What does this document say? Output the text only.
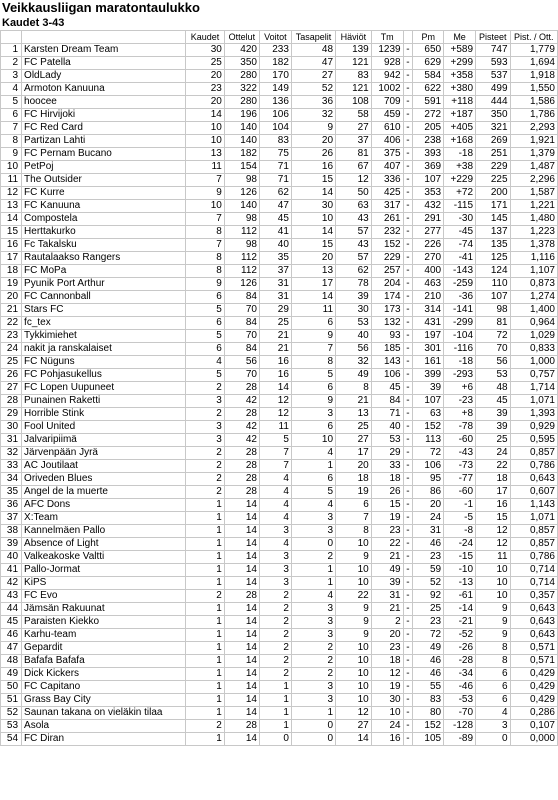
Veikkausliigan maratontaulukko
Kaudet 3-43
		Kaudet	Ottelut	Voitot	Tasapelit	Häviöt	Tm		Pm	Me	Pisteet	Pist. / Ott.
1	Karsten Dream Team	30	420	233	48	139	1239	-	650	+589	747	1,779
2	FC Patella	25	350	182	47	121	928	-	629	+299	593	1,694
3	OldLady	20	280	170	27	83	942	-	584	+358	537	1,918
4	Armoton Kanuuna	23	322	149	52	121	1002	-	622	+380	499	1,550
5	hoocee	20	280	136	36	108	709	-	591	+118	444	1,586
6	FC Hirvijoki	14	196	106	32	58	459	-	272	+187	350	1,786
7	FC Red Card	10	140	104	9	27	610	-	205	+405	321	2,293
8	Partizan Lahti	10	140	83	20	37	406	-	238	+168	269	1,921
9	FC Pernam Bucano	13	182	75	26	81	375	-	393	-18	251	1,379
10	PetPoj	11	154	71	16	67	407	-	369	+38	229	1,487
11	The Outsider	7	98	71	15	12	336	-	107	+229	225	2,296
12	FC Kurre	9	126	62	14	50	425	-	353	+72	200	1,587
13	FC Kanuuna	10	140	47	30	63	317	-	432	-115	171	1,221
14	Compostela	7	98	45	10	43	261	-	291	-30	145	1,480
15	Herttakurko	8	112	41	14	57	232	-	277	-45	137	1,223
16	Fc Takalsku	7	98	40	15	43	152	-	226	-74	135	1,378
17	Rautalaakso Rangers	8	112	35	20	57	229	-	270	-41	125	1,116
18	FC MoPa	8	112	37	13	62	257	-	400	-143	124	1,107
19	Pyunik Port Arthur	9	126	31	17	78	204	-	463	-259	110	0,873
20	FC Cannonball	6	84	31	14	39	174	-	210	-36	107	1,274
21	Stars FC	5	70	29	11	30	173	-	314	-141	98	1,400
22	fc_tex	6	84	25	6	53	132	-	431	-299	81	0,964
23	Tykkimiehet	5	70	21	9	40	93	-	197	-104	72	1,029
24	nakit ja ranskalaiset	6	84	21	7	56	185	-	301	-116	70	0,833
25	FC Nüguns	4	56	16	8	32	143	-	161	-18	56	1,000
26	FC Pohjasukellus	5	70	16	5	49	106	-	399	-293	53	0,757
27	FC Lopen Uupuneet	2	28	14	6	8	45	-	39	+6	48	1,714
28	Punainen Raketti	3	42	12	9	21	84	-	107	-23	45	1,071
29	Horrible Stink	2	28	12	3	13	71	-	63	+8	39	1,393
30	Fool United	3	42	11	6	25	40	-	152	-78	39	0,929
31	Jalvaripiimä	3	42	5	10	27	53	-	113	-60	25	0,595
32	Järvenpään Jyrä	2	28	7	4	17	29	-	72	-43	24	0,857
33	AC Joutilaat	2	28	7	1	20	33	-	106	-73	22	0,786
34	Oriveden Blues	2	28	4	6	18	18	-	95	-77	18	0,643
35	Angel de la muerte	2	28	4	5	19	26	-	86	-60	17	0,607
36	AFC Dons	1	14	4	4	6	15	-	20	-1	16	1,143
37	X:Team	1	14	4	3	7	19	-	24	-5	15	1,071
38	Kannelmäen Pallo	1	14	3	3	8	23	-	31	-8	12	0,857
39	Absence of Light	1	14	4	0	10	22	-	46	-24	12	0,857
40	Valkeakoske Valtti	1	14	3	2	9	21	-	23	-15	11	0,786
41	Pallo-Jormat	1	14	3	1	10	49	-	59	-10	10	0,714
42	KiPS	1	14	3	1	10	39	-	52	-13	10	0,714
43	FC Evo	2	28	2	4	22	31	-	92	-61	10	0,357
44	Jämsän Rakuunat	1	14	2	3	9	21	-	25	-14	9	0,643
45	Paraisten Kiekko	1	14	2	3	9	2	-	23	-21	9	0,643
46	Karhu-team	1	14	2	3	9	20	-	72	-52	9	0,643
47	Gepardit	1	14	2	2	10	23	-	49	-26	8	0,571
48	Bafafa Bafafa	1	14	2	2	10	18	-	46	-28	8	0,571
49	Dick Kickers	1	14	2	2	10	12	-	46	-34	6	0,429
50	FC Capitano	1	14	1	3	10	19	-	55	-46	6	0,429
51	Grass Bay City	1	14	1	3	10	30	-	83	-53	6	0,429
52	Saunan takana on vieläkin tilaa	1	14	1	1	12	10	-	80	-70	4	0,286
53	Asola	2	28	1	0	27	24	-	152	-128	3	0,107
54	FC Diran	1	14	0	0	14	16	-	105	-89	0	0,000
